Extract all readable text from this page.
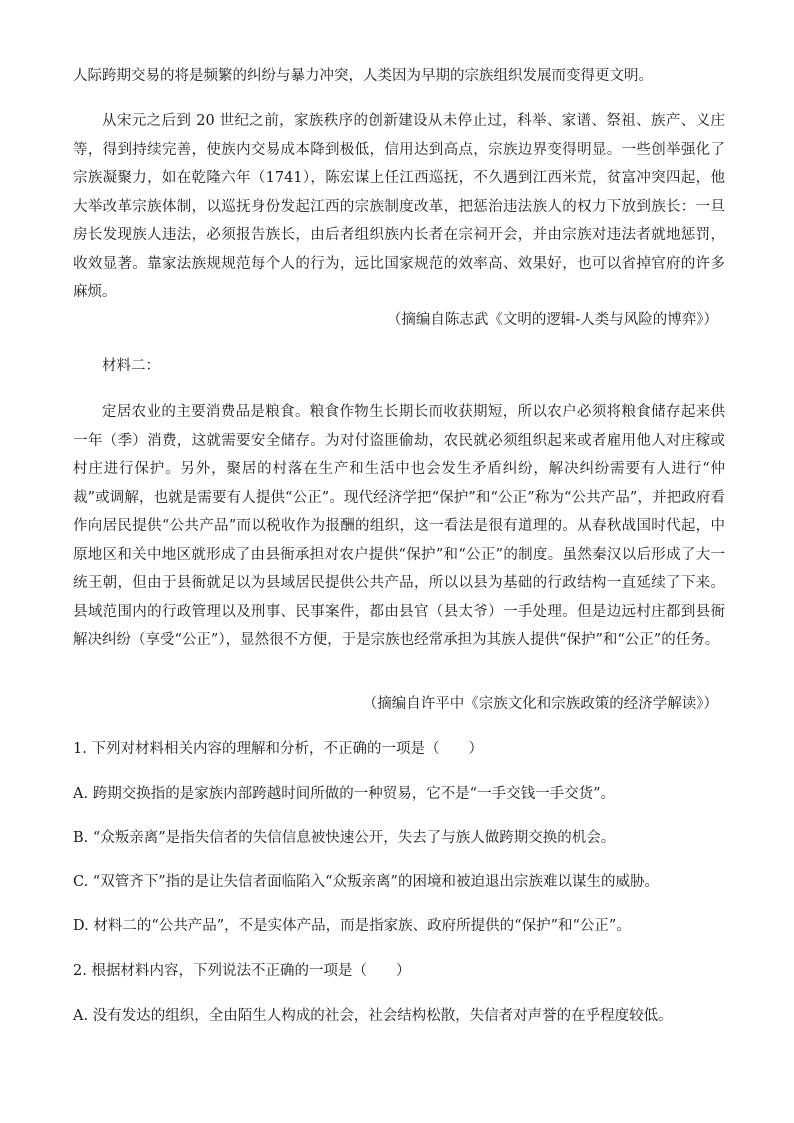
人际跨期交易的将是频繁的纠纷与暴力冲突，人类因为早期的宗族组织发展而变得更文明。

从宋元之后到 20 世纪之前，家族秩序的创新建设从未停止过，科举、家谱、祭祖、族产、义庄等，得到持续完善，使族内交易成本降到极低，信用达到高点，宗族边界变得明显。一些创举强化了宗族凝聚力，如在乾隆六年（1741），陈宏谋上任江西巡抚，不久遇到江西米荒，贫富冲突四起，他大举改革宗族体制，以巡抚身份发起江西的宗族制度改革，把惩治违法族人的权力下放到族长：一旦房长发现族人违法，必须报告族长，由后者组织族内长者在宗祠开会，并由宗族对违法者就地惩罚，收效显著。靠家法族规规范每个人的行为，远比国家规范的效率高、效果好，也可以省掉官府的许多麻烦。

（摘编自陈志武《文明的逻辑-人类与风险的博弈》）

材料二：

定居农业的主要消费品是粮食。粮食作物生长期长而收获期短，所以农户必须将粮食储存起来供一年（季）消费，这就需要安全储存。为对付盗匪偷劫，农民就必须组织起来或者雇用他人对庄稼或村庄进行保护。另外，聚居的村落在生产和生活中也会发生矛盾纠纷，解决纠纷需要有人进行“仲裁”或调解，也就是需要有人提供“公正”。现代经济学把“保护”和“公正”称为“公共产品”，并把政府看作向居民提供“公共产品”而以税收作为报酬的组织，这一看法是很有道理的。从春秋战国时代起，中原地区和关中地区就形成了由县衙承担对农户提供“保护”和“公正”的制度。虽然秦汉以后形成了大一统王朝，但由于县衙就足以为县域居民提供公共产品，所以以县为基础的行政结构一直延续了下来。县域范围内的行政管理以及刑事、民事案件，都由县官（县太爷）一手处理。但是边远村庄都到县衙解决纠纷（享受“公正”），显然很不方便，于是宗族也经常承担为其族人提供“保护”和“公正”的任务。

（摘编自许平中《宗族文化和宗族政策的经济学解读》）

1. 下列对材料相关内容的理解和分析，不正确的一项是（　　）

A. 跨期交换指的是家族内部跨越时间所做的一种贸易，它不是“一手交钱一手交货”。

B. “众叛亲离”是指失信者的失信信息被快速公开，失去了与族人做跨期交换的机会。

C. “双管齐下”指的是让失信者面临陷入“众叛亲离”的困境和被迫退出宗族难以谋生的威胁。

D. 材料二的“公共产品”，不是实体产品，而是指家族、政府所提供的“保护”和“公正”。

2. 根据材料内容，下列说法不正确的一项是（　　）

A. 没有发达的组织，全由陌生人构成的社会，社会结构松散，失信者对声誉的在乎程度较低。
